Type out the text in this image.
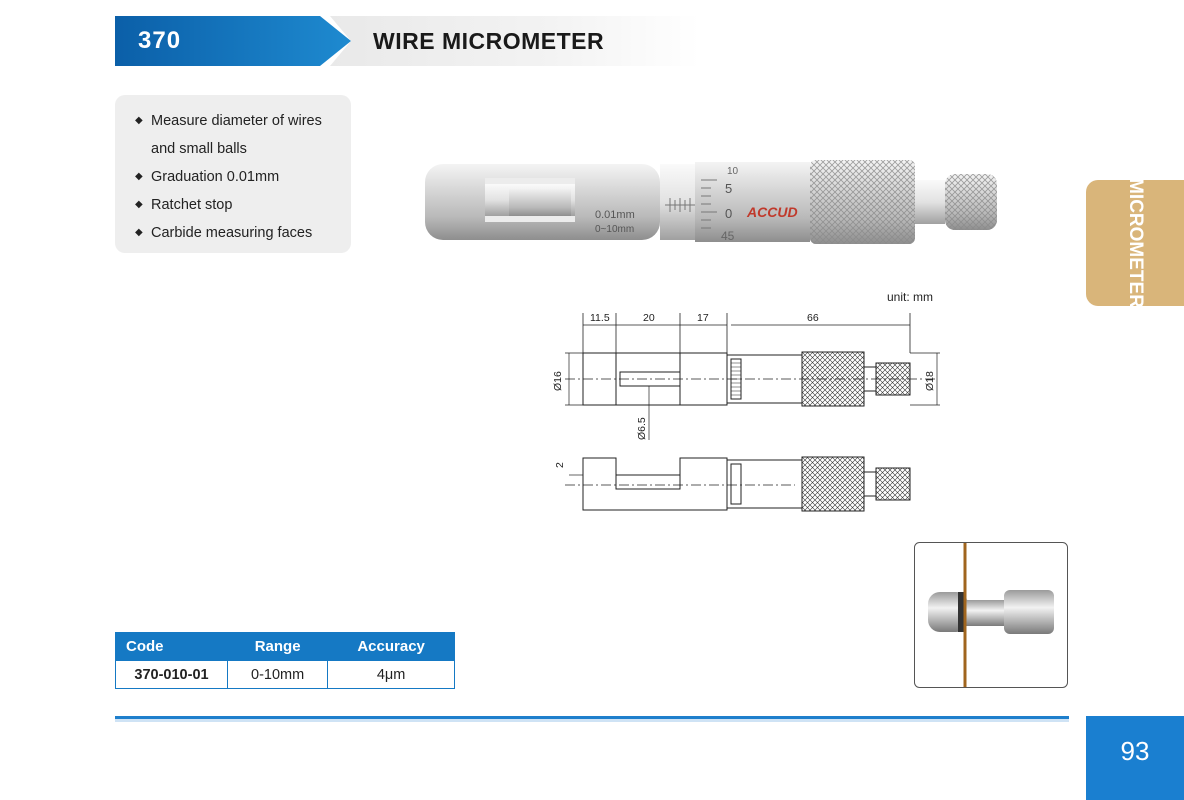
370	WIRE MICROMETER
◆ Measure diameter of wires
and small balls
◆ Graduation 0.01mm
◆ Ratchet stop
◆ Carbide measuring faces
0.01mm
0~10mm
10
5
0
45
ACCUD	MICROMETER
unit: mm
11.5	20	17	66
Ø16	Ø18
Ø6.5
2
Code	Range	Accuracy
370-010-01	0-10mm	4μm
93
